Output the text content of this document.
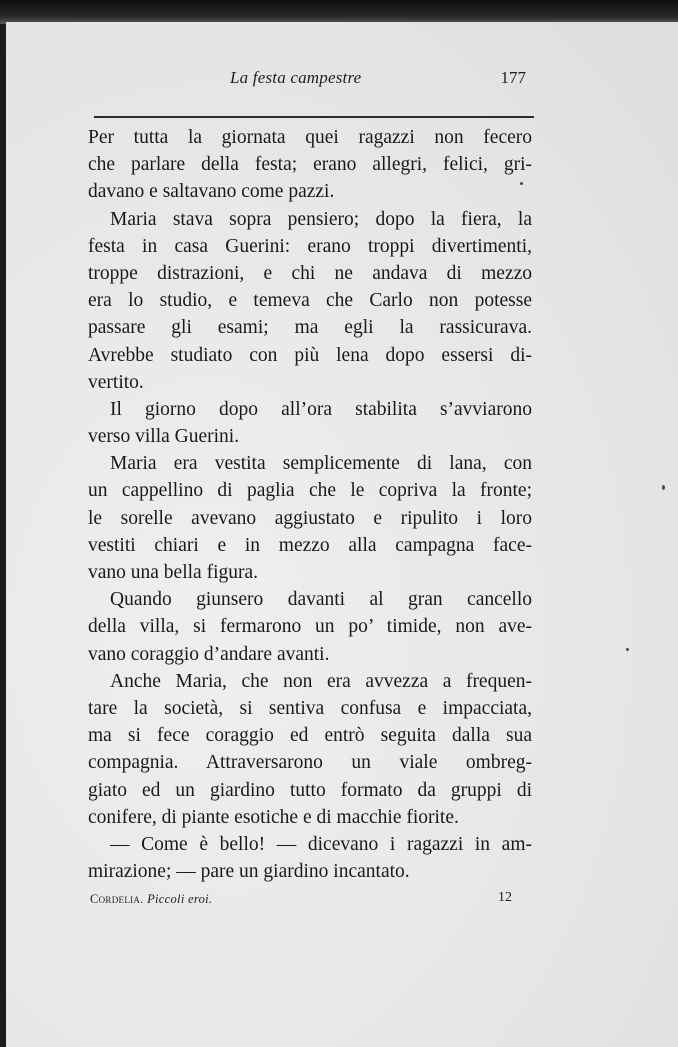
La festa campestre	177
Per tutta la giornata quei ragazzi non fecero
che parlare della festa; erano allegri, felici, gri-
davano e saltavano come pazzi.
Maria stava sopra pensiero; dopo la fiera, la
festa in casa Guerini: erano troppi divertimenti,
troppe distrazioni, e chi ne andava di mezzo
era lo studio, e temeva che Carlo non potesse
passare gli esami; ma egli la rassicurava.
Avrebbe studiato con più lena dopo essersi di-
vertito.
Il giorno dopo all’ora stabilita s’avviarono
verso villa Guerini.
Maria era vestita semplicemente di lana, con
un cappellino di paglia che le copriva la fronte;
le sorelle avevano aggiustato e ripulito i loro
vestiti chiari e in mezzo alla campagna face-
vano una bella figura.
Quando giunsero davanti al gran cancello
della villa, si fermarono un po’ timide, non ave-
vano coraggio d’andare avanti.
Anche Maria, che non era avvezza a frequen-
tare la società, si sentiva confusa e impacciata,
ma si fece coraggio ed entrò seguita dalla sua
compagnia. Attraversarono un viale ombreg-
giato ed un giardino tutto formato da gruppi di
conifere, di piante esotiche e di macchie fiorite.
— Come è bello! — dicevano i ragazzi in am-
mirazione; — pare un giardino incantato.
Cordelia. Piccoli eroi.	12
